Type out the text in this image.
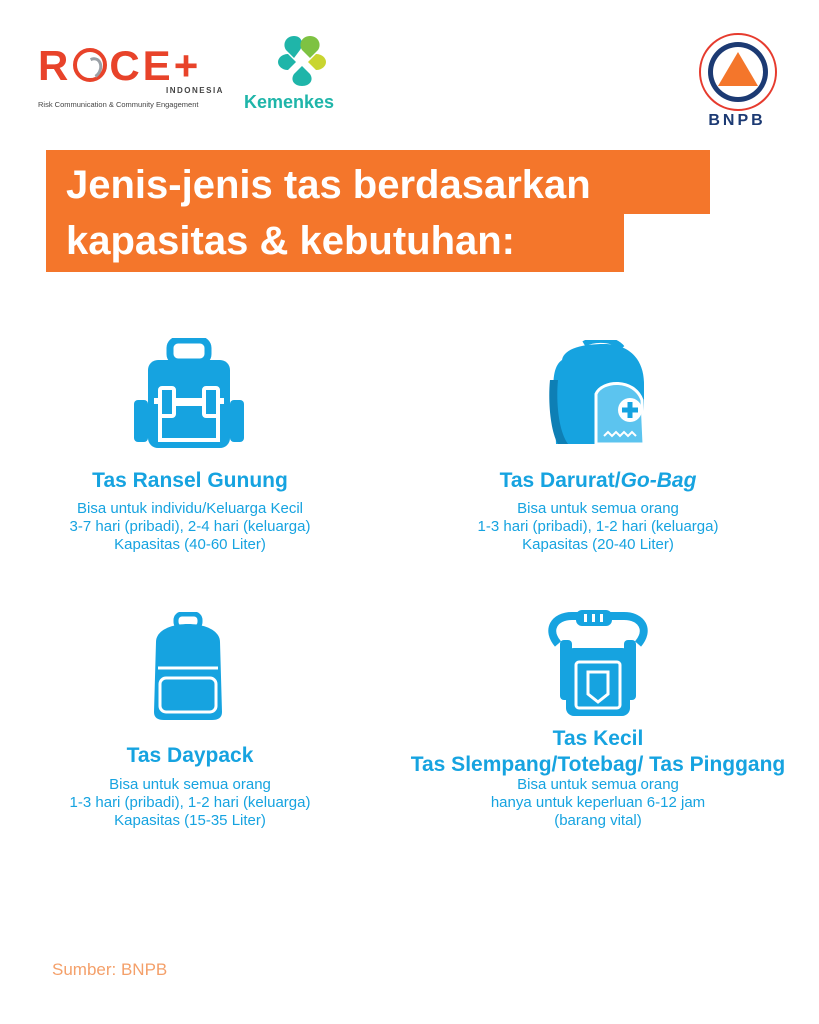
R CE+
INDONESIA
Risk Communication & Community Engagement	Kemenkes
BNPB
Jenis-jenis tas berdasarkan
kapasitas & kebutuhan:
Tas Ransel Gunung
Bisa untuk individu/Keluarga Kecil
3-7 hari (pribadi), 2-4 hari (keluarga)
Kapasitas (40-60 Liter)
Tas Darurat/Go-Bag
Bisa untuk semua orang
1-3 hari (pribadi), 1-2 hari (keluarga)
Kapasitas (20-40 Liter)
Tas Daypack
Bisa untuk semua orang
1-3 hari (pribadi), 1-2 hari (keluarga)
Kapasitas (15-35 Liter)
Tas Kecil
Tas Slempang/Totebag/ Tas Pinggang
Bisa untuk semua orang
hanya untuk keperluan 6-12 jam
(barang vital)
Sumber: BNPB
